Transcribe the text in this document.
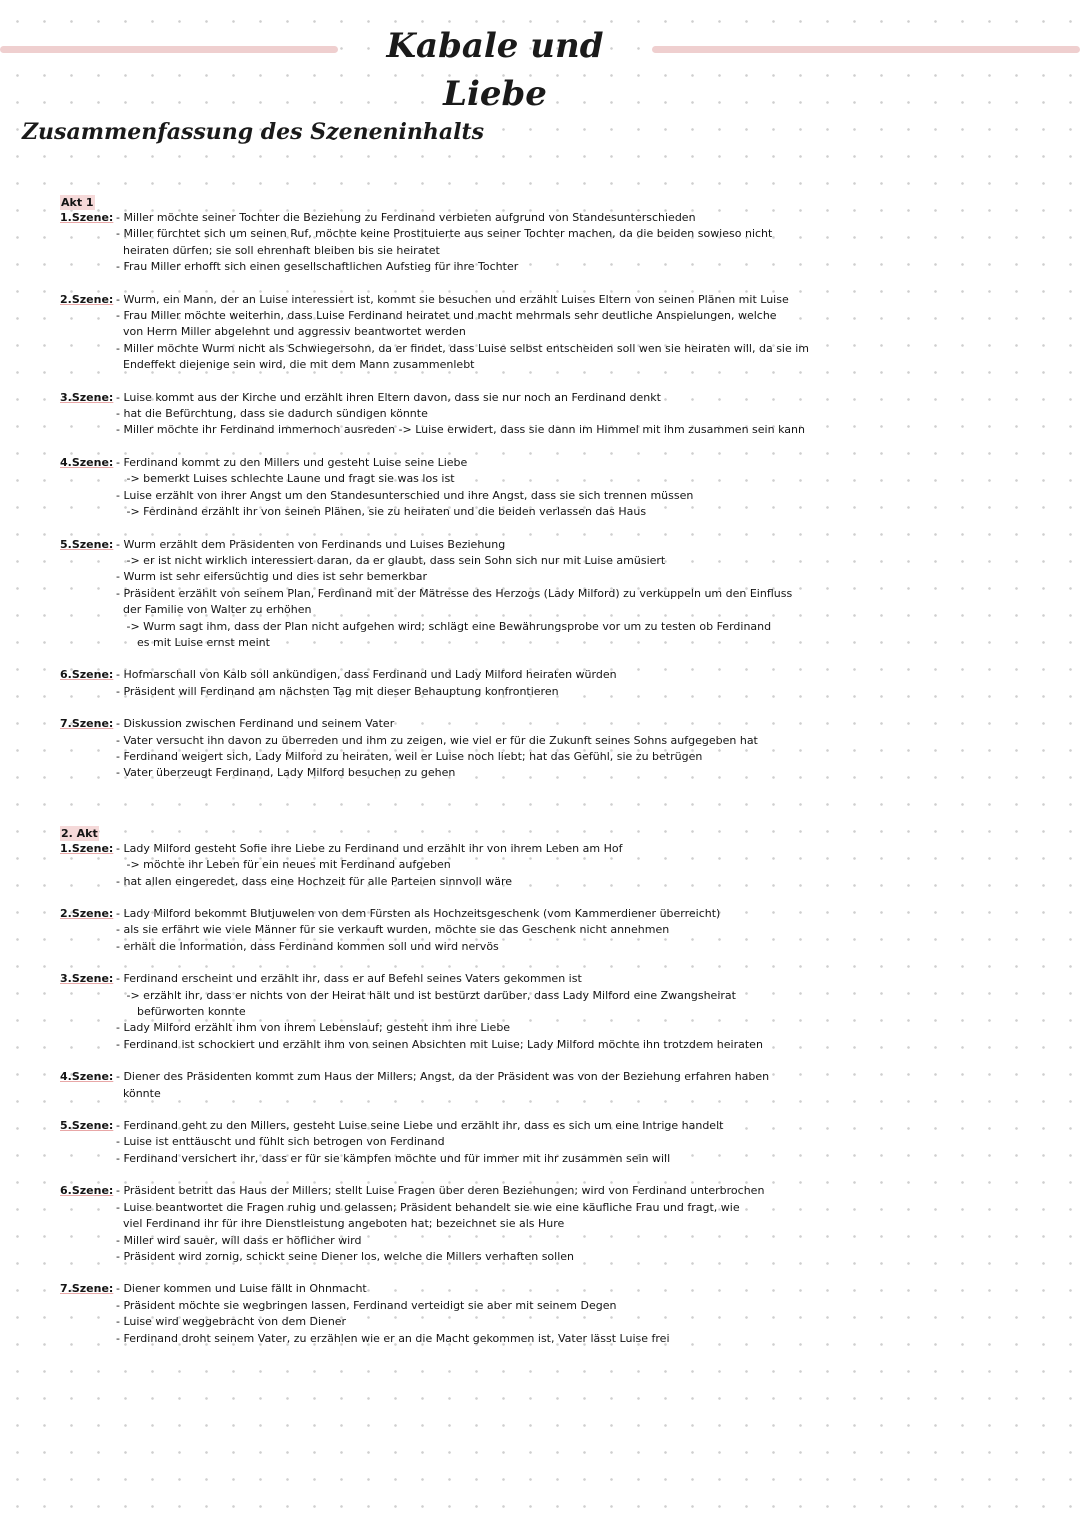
Kabale und Liebe
Zusammenfassung des Szeneninhalts
Akt 1
1.Szene: - Miller möchte seiner Tochter die Beziehung zu Ferdinand verbieten aufgrund von Standesunterschieden
- Miller fürchtet sich um seinen Ruf, möchte keine Prostituierte aus seiner Tochter machen, da die beiden sowieso nicht
heiraten dürfen; sie soll ehrenhaft bleiben bis sie heiratet
- Frau Miller erhofft sich einen gesellschaftlichen Aufstieg für ihre Tochter
2.Szene: - Wurm, ein Mann, der an Luise interessiert ist, kommt sie besuchen und erzählt Luises Eltern von seinen Plänen mit Luise
- Frau Miller möchte weiterhin, dass Luise Ferdinand heiratet und macht mehrmals sehr deutliche Anspielungen, welche
von Herrn Miller abgelehnt und aggressiv beantwortet werden
- Miller möchte Wurm nicht als Schwiegersohn, da er findet, dass Luise selbst entscheiden soll wen sie heiraten will, da sie im
Endeffekt diejenige sein wird, die mit dem Mann zusammenlebt
3.Szene: - Luise kommt aus der Kirche und erzählt ihren Eltern davon, dass sie nur noch an Ferdinand denkt
- hat die Befürchtung, dass sie dadurch sündigen könnte
- Miller möchte ihr Ferdinand immernoch ausreden -> Luise erwidert, dass sie dann im Himmel mit ihm zusammen sein kann
4.Szene: - Ferdinand kommt zu den Millers und gesteht Luise seine Liebe
-> bemerkt Luises schlechte Laune und fragt sie was los ist
- Luise erzählt von ihrer Angst um den Standesunterschied und ihre Angst, dass sie sich trennen müssen
-> Ferdinand erzählt ihr von seinen Plänen, sie zu heiraten und die beiden verlassen das Haus
5.Szene: - Wurm erzählt dem Präsidenten von Ferdinands und Luises Beziehung
-> er ist nicht wirklich interessiert daran, da er glaubt, dass sein Sohn sich nur mit Luise amüsiert
- Wurm ist sehr eifersüchtig und dies ist sehr bemerkbar
- Präsident erzählt von seinem Plan, Ferdinand mit der Mätresse des Herzogs (Lady Milford) zu verkuppeln um den Einfluss
der Familie von Walter zu erhöhen
-> Wurm sagt ihm, dass der Plan nicht aufgehen wird; schlägt eine Bewährungsprobe vor um zu testen ob Ferdinand
es mit Luise ernst meint
6.Szene: - Hofmarschall von Kalb soll ankündigen, dass Ferdinand und Lady Milford heiraten würden
- Präsident will Ferdinand am nächsten Tag mit dieser Behauptung konfrontieren
7.Szene: - Diskussion zwischen Ferdinand und seinem Vater
- Vater versucht ihn davon zu überreden und ihm zu zeigen, wie viel er für die Zukunft seines Sohns aufgegeben hat
- Ferdinand weigert sich, Lady Milford zu heiraten, weil er Luise noch liebt; hat das Gefühl, sie zu betrügen
- Vater überzeugt Ferdinand, Lady Milford besuchen zu gehen
2. Akt
1.Szene: - Lady Milford gesteht Sofie ihre Liebe zu Ferdinand und erzählt ihr von ihrem Leben am Hof
-> möchte ihr Leben für ein neues mit Ferdinand aufgeben
- hat allen eingeredet, dass eine Hochzeit für alle Parteien sinnvoll wäre
2.Szene: - Lady Milford bekommt Blutjuwelen von dem Fürsten als Hochzeitsgeschenk (vom Kammerdiener überreicht)
- als sie erfährt wie viele Männer für sie verkauft wurden, möchte sie das Geschenk nicht annehmen
- erhält die Information, dass Ferdinand kommen soll und wird nervös
3.Szene: - Ferdinand erscheint und erzählt ihr, dass er auf Befehl seines Vaters gekommen ist
-> erzählt ihr, dass er nichts von der Heirat hält und ist bestürzt darüber, dass Lady Milford eine Zwangsheirat
befürworten konnte
- Lady Milford erzählt ihm von ihrem Lebenslauf; gesteht ihm ihre Liebe
- Ferdinand ist schockiert und erzählt ihm von seinen Absichten mit Luise; Lady Milford möchte ihn trotzdem heiraten
4.Szene: - Diener des Präsidenten kommt zum Haus der Millers; Angst, da der Präsident was von der Beziehung erfahren haben
könnte
5.Szene: - Ferdinand geht zu den Millers, gesteht Luise seine Liebe und erzählt ihr, dass es sich um eine Intrige handelt
- Luise ist enttäuscht und fühlt sich betrogen von Ferdinand
- Ferdinand versichert ihr, dass er für sie kämpfen möchte und für immer mit ihr zusammen sein will
6.Szene: - Präsident betritt das Haus der Millers; stellt Luise Fragen über deren Beziehungen; wird von Ferdinand unterbrochen
- Luise beantwortet die Fragen ruhig und gelassen; Präsident behandelt sie wie eine käufliche Frau und fragt, wie
viel Ferdinand ihr für ihre Dienstleistung angeboten hat; bezeichnet sie als Hure
- Miller wird sauer, will dass er höflicher wird
- Präsident wird zornig, schickt seine Diener los, welche die Millers verhaften sollen
7.Szene: - Diener kommen und Luise fällt in Ohnmacht
- Präsident möchte sie wegbringen lassen, Ferdinand verteidigt sie aber mit seinem Degen
- Luise wird weggebracht von dem Diener
- Ferdinand droht seinem Vater, zu erzählen wie er an die Macht gekommen ist, Vater lässt Luise frei
